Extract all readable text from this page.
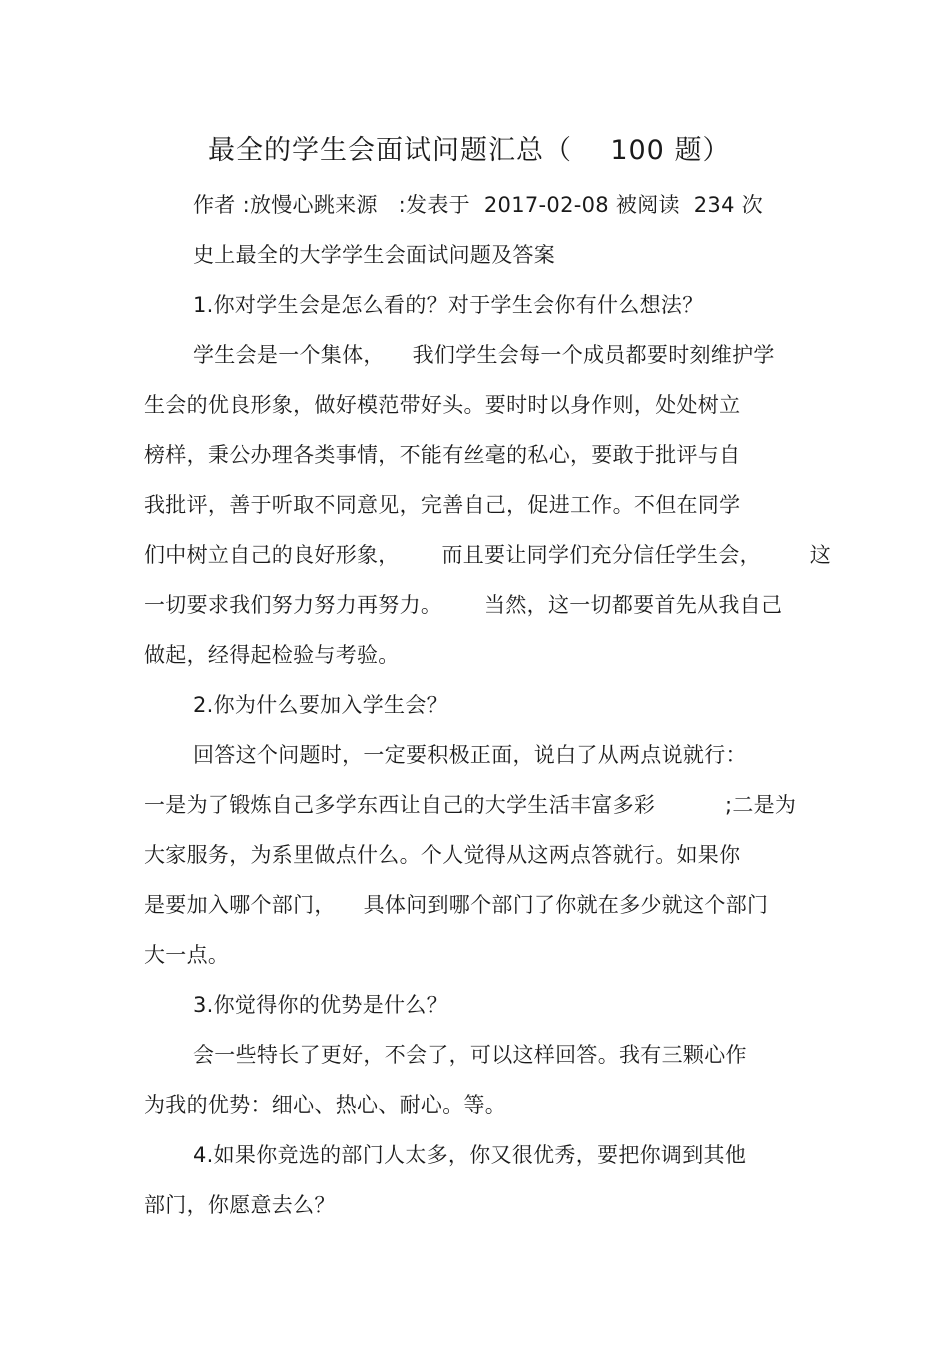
最全的学生会面试问题汇总（    100 题）
作者 :放慢心跳来源   :发表于  2017-02-08 被阅读  234 次
史上最全的大学学生会面试问题及答案
1.你对学生会是怎么看的？对于学生会你有什么想法？
学生会是一个集体，    我们学生会每一个成员都要时刻维护学
生会的优良形象，做好模范带好头。要时时以身作则，处处树立
榜样，秉公办理各类事情，不能有丝毫的私心，要敢于批评与自
我批评，善于听取不同意见，完善自己，促进工作。不但在同学
们中树立自己的良好形象，      而且要让同学们充分信任学生会，       这
一切要求我们努力努力再努力。      当然，这一切都要首先从我自己
做起，经得起检验与考验。
2.你为什么要加入学生会？
回答这个问题时，一定要积极正面，说白了从两点说就行：
一是为了锻炼自己多学东西让自己的大学生活丰富多彩          ;二是为
大家服务，为系里做点什么。个人觉得从这两点答就行。如果你
是要加入哪个部门，    具体问到哪个部门了你就在多少就这个部门
大一点。
3.你觉得你的优势是什么？
会一些特长了更好，不会了，可以这样回答。我有三颗心作
为我的优势：细心、热心、耐心。等。
4.如果你竞选的部门人太多，你又很优秀，要把你调到其他
部门，你愿意去么？
